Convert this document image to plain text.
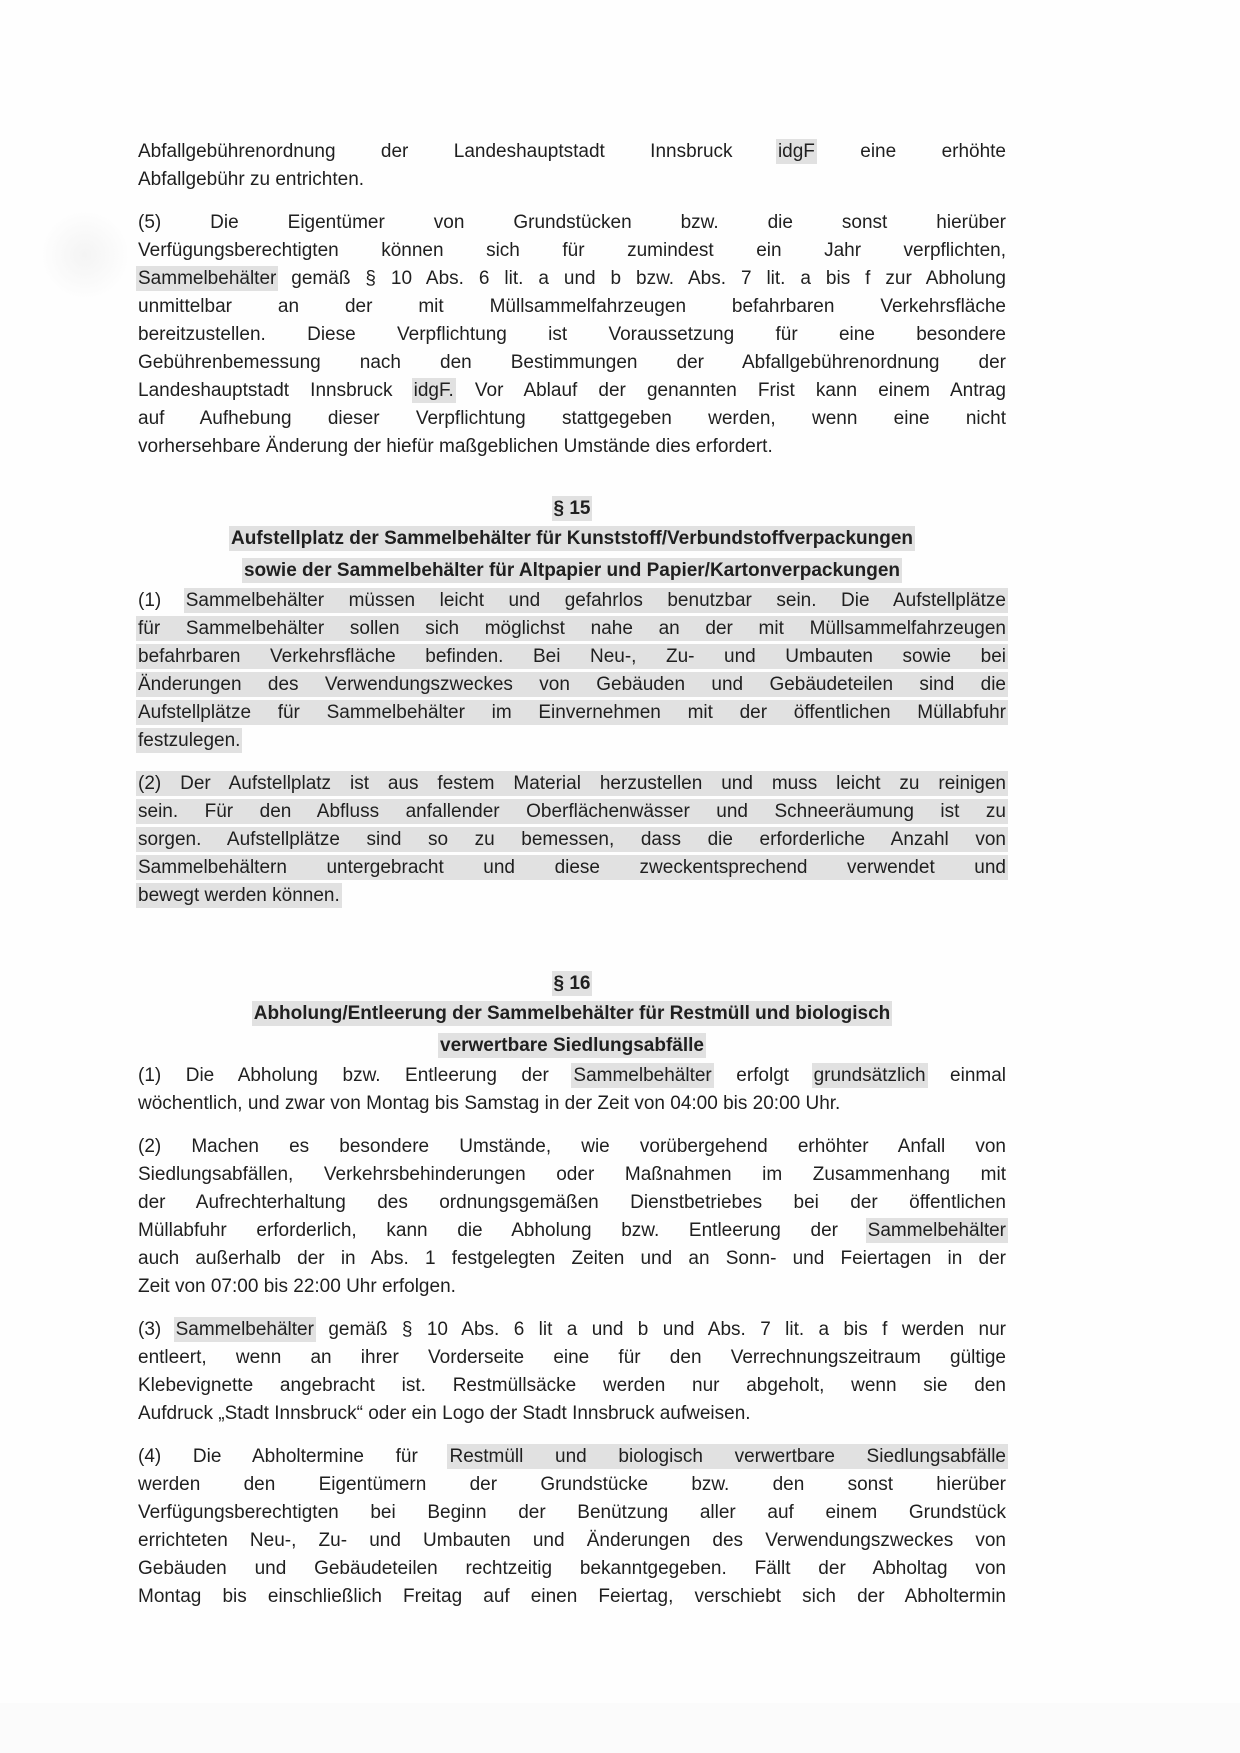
Abfallgebührenordnung der Landeshauptstadt Innsbruck idgF eine erhöhte
Abfallgebühr zu entrichten.
(5) Die Eigentümer von Grundstücken bzw. die sonst hierüber
Verfügungsberechtigten können sich für zumindest ein Jahr verpflichten,
Sammelbehälter gemäß § 10 Abs. 6 lit. a und b bzw. Abs. 7 lit. a bis f zur Abholung
unmittelbar an der mit Müllsammelfahrzeugen befahrbaren Verkehrsfläche
bereitzustellen. Diese Verpflichtung ist Voraussetzung für eine besondere
Gebührenbemessung nach den Bestimmungen der Abfallgebührenordnung der
Landeshauptstadt Innsbruck idgF. Vor Ablauf der genannten Frist kann einem Antrag
auf Aufhebung dieser Verpflichtung stattgegeben werden, wenn eine nicht
vorhersehbare Änderung der hiefür maßgeblichen Umstände dies erfordert.
§ 15
Aufstellplatz der Sammelbehälter für Kunststoff/Verbundstoffverpackungen
sowie der Sammelbehälter für Altpapier und Papier/Kartonverpackungen
(1) Sammelbehälter müssen leicht und gefahrlos benutzbar sein. Die Aufstellplätze
für Sammelbehälter sollen sich möglichst nahe an der mit Müllsammelfahrzeugen
befahrbaren Verkehrsfläche befinden. Bei Neu-, Zu- und Umbauten sowie bei
Änderungen des Verwendungszweckes von Gebäuden und Gebäudeteilen sind die
Aufstellplätze für Sammelbehälter im Einvernehmen mit der öffentlichen Müllabfuhr
festzulegen.
(2) Der Aufstellplatz ist aus festem Material herzustellen und muss leicht zu reinigen
sein. Für den Abfluss anfallender Oberflächenwässer und Schneeräumung ist zu
sorgen. Aufstellplätze sind so zu bemessen, dass die erforderliche Anzahl von
Sammelbehältern untergebracht und diese zweckentsprechend verwendet und
bewegt werden können.
§ 16
Abholung/Entleerung der Sammelbehälter für Restmüll und biologisch
verwertbare Siedlungsabfälle
(1) Die Abholung bzw. Entleerung der Sammelbehälter erfolgt grundsätzlich einmal
wöchentlich, und zwar von Montag bis Samstag in der Zeit von 04:00 bis 20:00 Uhr.
(2) Machen es besondere Umstände, wie vorübergehend erhöhter Anfall von
Siedlungsabfällen, Verkehrsbehinderungen oder Maßnahmen im Zusammenhang mit
der Aufrechterhaltung des ordnungsgemäßen Dienstbetriebes bei der öffentlichen
Müllabfuhr erforderlich, kann die Abholung bzw. Entleerung der Sammelbehälter
auch außerhalb der in Abs. 1 festgelegten Zeiten und an Sonn- und Feiertagen in der
Zeit von 07:00 bis 22:00 Uhr erfolgen.
(3) Sammelbehälter gemäß § 10 Abs. 6 lit a und b und Abs. 7 lit. a bis f werden nur
entleert, wenn an ihrer Vorderseite eine für den Verrechnungszeitraum gültige
Klebevignette angebracht ist. Restmüllsäcke werden nur abgeholt, wenn sie den
Aufdruck „Stadt Innsbruck“ oder ein Logo der Stadt Innsbruck aufweisen.
(4) Die Abholtermine für Restmüll und biologisch verwertbare Siedlungsabfälle
werden den Eigentümern der Grundstücke bzw. den sonst hierüber
Verfügungsberechtigten bei Beginn der Benützung aller auf einem Grundstück
errichteten Neu-, Zu- und Umbauten und Änderungen des Verwendungszweckes von
Gebäuden und Gebäudeteilen rechtzeitig bekanntgegeben. Fällt der Abholtag von
Montag bis einschließlich Freitag auf einen Feiertag, verschiebt sich der Abholtermin
